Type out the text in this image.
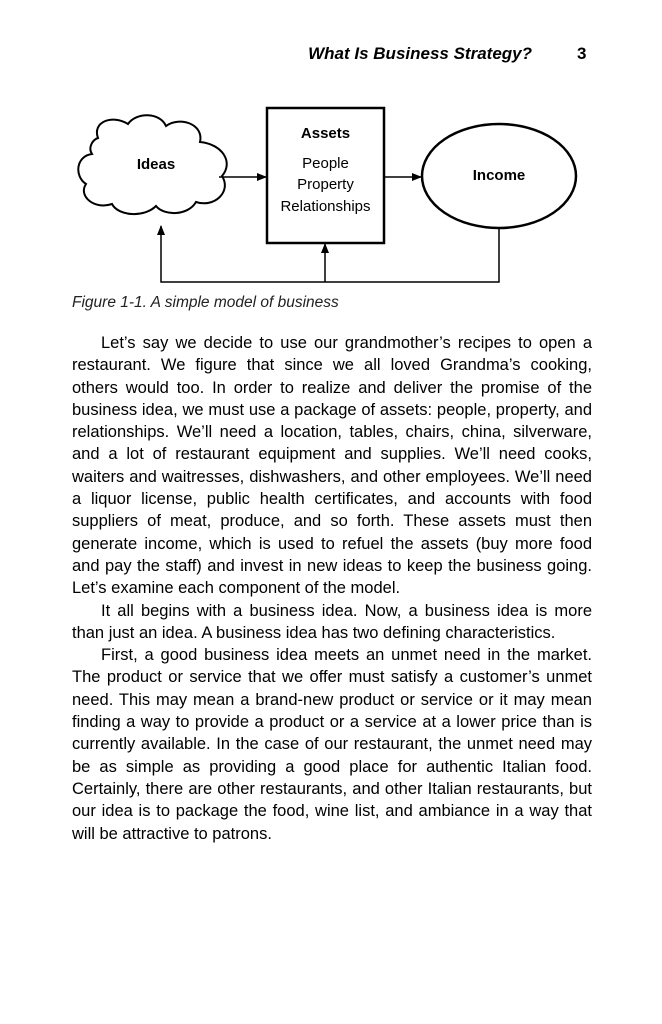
What Is Business Strategy?	3
Ideas
Assets
People
Property
Relationships
Income
Figure 1-1. A simple model of business

Let’s say we decide to use our grandmother’s recipes to open a restaurant. We figure that since we all loved Grandma’s cooking, others would too. In order to realize and deliver the promise of the business idea, we must use a package of assets: people, property, and relationships. We’ll need a location, tables, chairs, china, silverware, and a lot of restaurant equipment and supplies. We’ll need cooks, waiters and waitresses, dishwashers, and other employees. We’ll need a liquor license, public health certificates, and accounts with food suppliers of meat, produce, and so forth. These assets must then generate income, which is used to refuel the assets (buy more food and pay the staff) and invest in new ideas to keep the business going. Let’s examine each component of the model.

It all begins with a business idea. Now, a business idea is more than just an idea. A business idea has two defining characteristics.

First, a good business idea meets an unmet need in the market. The product or service that we offer must satisfy a customer’s unmet need. This may mean a brand-new product or service or it may mean finding a way to provide a product or a service at a lower price than is currently available. In the case of our restaurant, the unmet need may be as simple as providing a good place for authentic Italian food. Certainly, there are other restaurants, and other Italian restaurants, but our idea is to package the food, wine list, and ambiance in a way that will be attractive to patrons.
